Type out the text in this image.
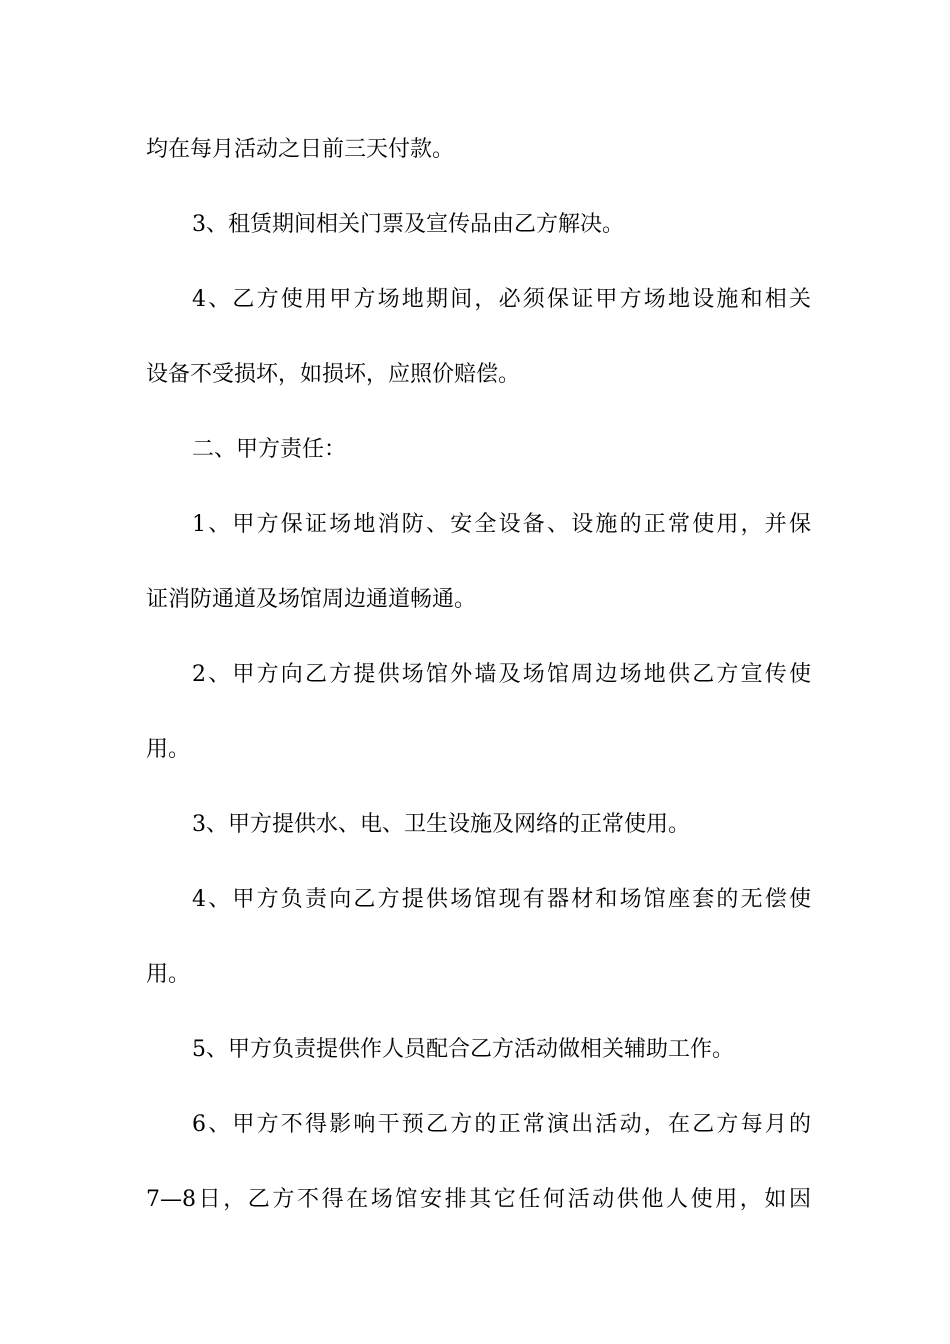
均在每月活动之日前三天付款。
3、租赁期间相关门票及宣传品由乙方解决。
4、乙方使用甲方场地期间，必须保证甲方场地设施和相关
设备不受损坏，如损坏，应照价赔偿。
二、甲方责任：
1、甲方保证场地消防、安全设备、设施的正常使用，并保
证消防通道及场馆周边通道畅通。
2、甲方向乙方提供场馆外墙及场馆周边场地供乙方宣传使
用。
3、甲方提供水、电、卫生设施及网络的正常使用。
4、甲方负责向乙方提供场馆现有器材和场馆座套的无偿使
用。
5、甲方负责提供作人员配合乙方活动做相关辅助工作。
6、甲方不得影响干预乙方的正常演出活动，在乙方每月的
7—8日，乙方不得在场馆安排其它任何活动供他人使用，如因
